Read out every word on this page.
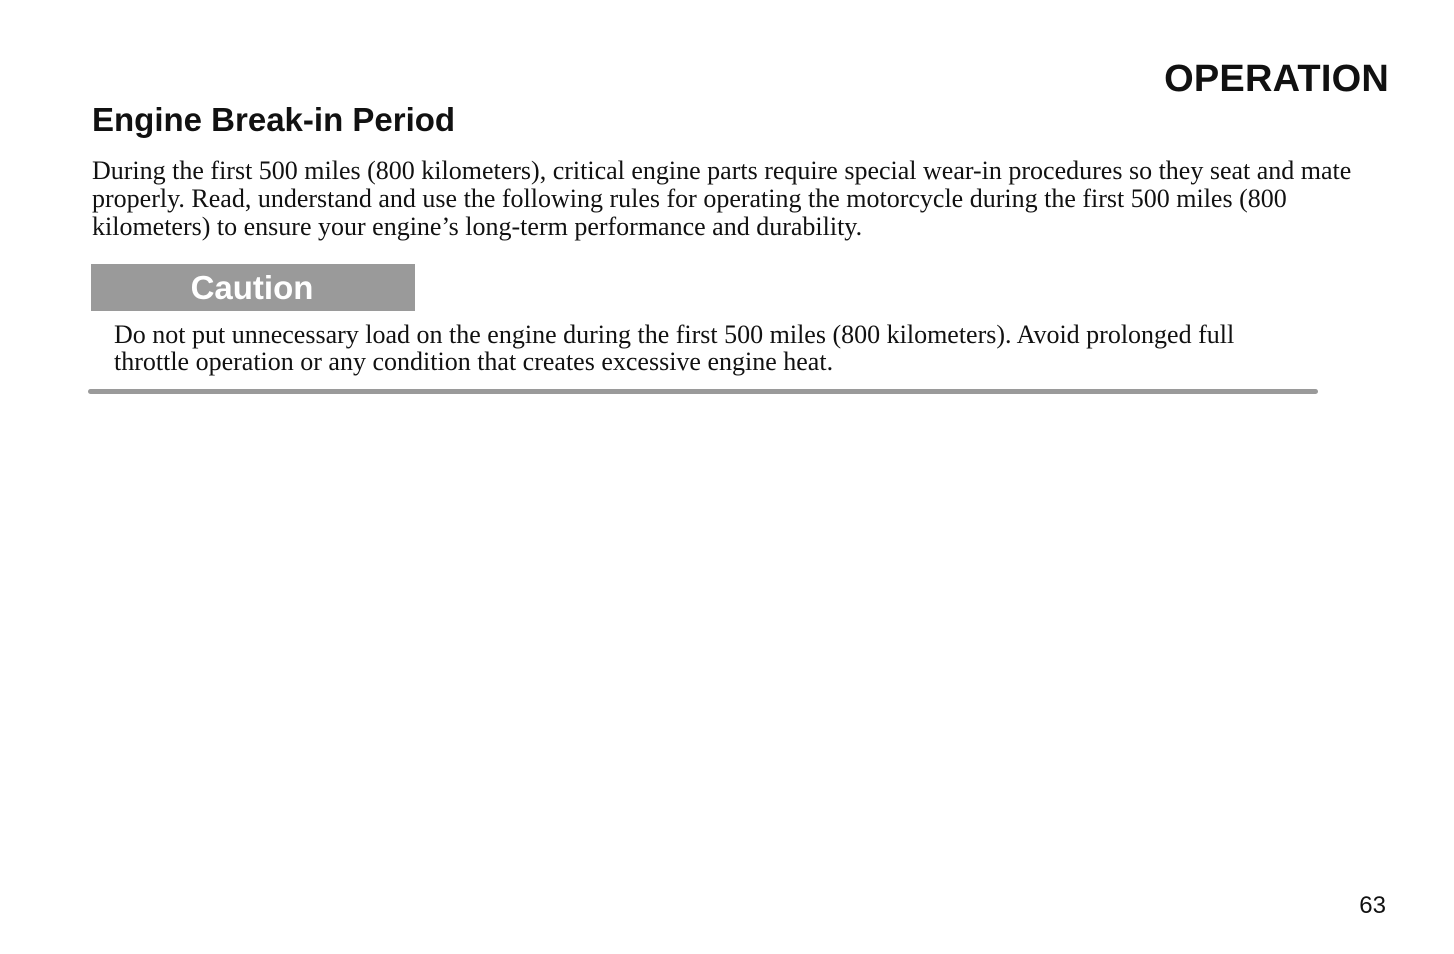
OPERATION
Engine Break-in Period

During the first 500 miles (800 kilometers), critical engine parts require special wear-in procedures so they seat and mate properly. Read, understand and use the following rules for operating the motorcycle during the first 500 miles (800 kilometers) to ensure your engine’s long-term performance and durability.

Caution

Do not put unnecessary load on the engine during the first 500 miles (800 kilometers). Avoid prolonged full throttle operation or any condition that creates excessive engine heat.

63
